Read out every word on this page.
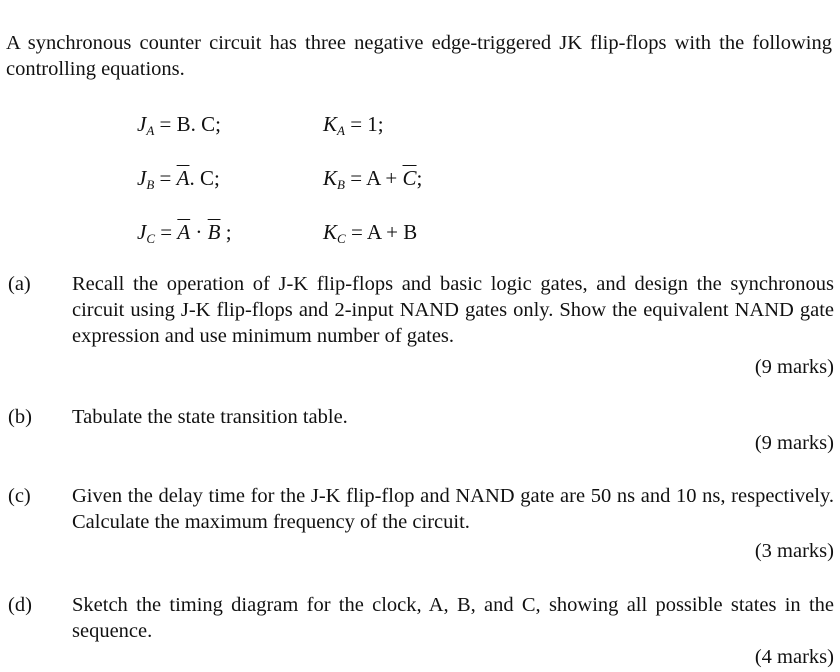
A synchronous counter circuit has three negative edge-triggered JK flip-flops with the following controlling equations.
$J_A = B$. C;	$K_A = 1$;
$J_B = \overline{A}$. C;	$K_B = A + \overline{C}$;
$J_C = \overline{A} \cdot \overline{B}$ ;	$K_C = A + B$
(a)	Recall the operation of J-K flip-flops and basic logic gates, and design the synchronous circuit using J-K flip-flops and 2-input NAND gates only. Show the equivalent NAND gate expression and use minimum number of gates.
(9 marks)
(b)	Tabulate the state transition table.
(9 marks)
(c)	Given the delay time for the J-K flip-flop and NAND gate are 50 ns and 10 ns, respectively. Calculate the maximum frequency of the circuit.
(3 marks)
(d)	Sketch the timing diagram for the clock, A, B, and C, showing all possible states in the sequence.
(4 marks)
